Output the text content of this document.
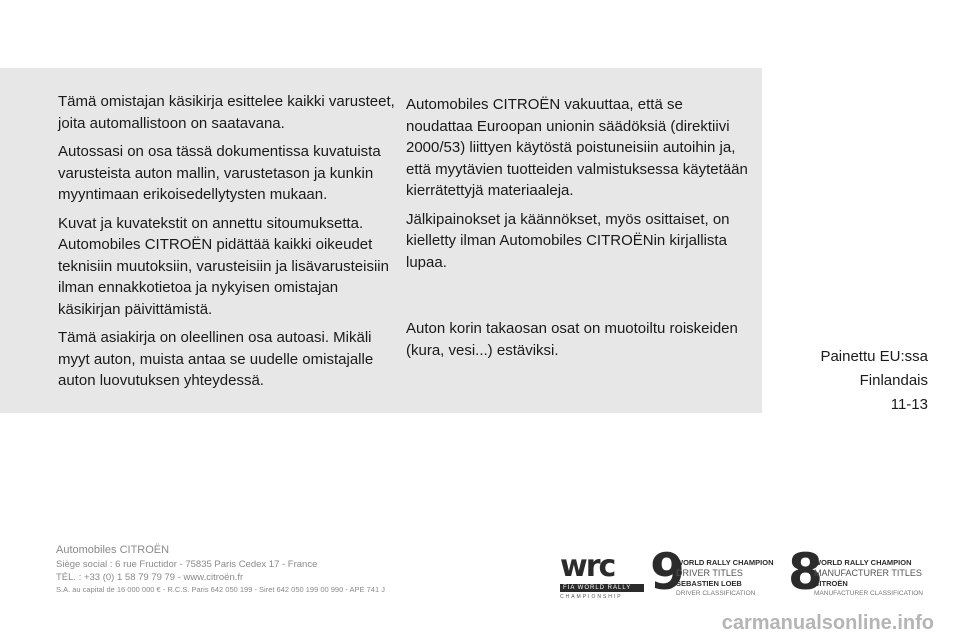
Tämä omistajan käsikirja esittelee kaikki varusteet, joita automallistoon on saatavana.

Autossasi on osa tässä dokumentissa kuvatuista varusteista auton mallin, varustetason ja kunkin myyntimaan erikoisedellytysten mukaan.

Kuvat ja kuvatekstit on annettu sitoumuksetta. Automobiles CITROËN pidättää kaikki oikeudet teknisiin muutoksiin, varusteisiin ja lisävarusteisiin ilman ennakkotietoa ja nykyisen omistajan käsikirjan päivittämistä.

Tämä asiakirja on oleellinen osa autoasi. Mikäli myyt auton, muista antaa se uudelle omistajalle auton luovutuksen yhteydessä.

Automobiles CITROËN vakuuttaa, että se noudattaa Euroopan unionin säädöksiä (direktiivi 2000/53) liittyen käytöstä poistuneisiin autoihin ja, että myytävien tuotteiden valmistuksessa käytetään kierrätettyjä materiaaleja.

Jälkipainokset ja käännökset, myös osittaiset, on kielletty ilman Automobiles CITROËNin kirjallista lupaa.

Auton korin takaosan osat on muotoiltu roiskeiden (kura, vesi...) estäviksi.	Painettu EU:ssa
Finlandais
11-13
Automobiles CITROËN
Siège social : 6 rue Fructidor - 75835 Paris Cedex 17 - France
TÉL. : +33 (0) 1 58 79 79 79 - www.citroën.fr
S.A. au capital de 16 000 000 € - R.C.S. Paris 642 050 199 - Siret 642 050 199 00 990 - APE 741 J
wrc
FIA WORLD RALLY
CHAMPIONSHIP 9
WORLD RALLY CHAMPION
DRIVER TITLES
SEBASTIEN LOEB
DRIVER CLASSIFICATION 8
WORLD RALLY CHAMPION
MANUFACTURER TITLES
CITROËN
MANUFACTURER CLASSIFICATION
carmanualsonline.info
